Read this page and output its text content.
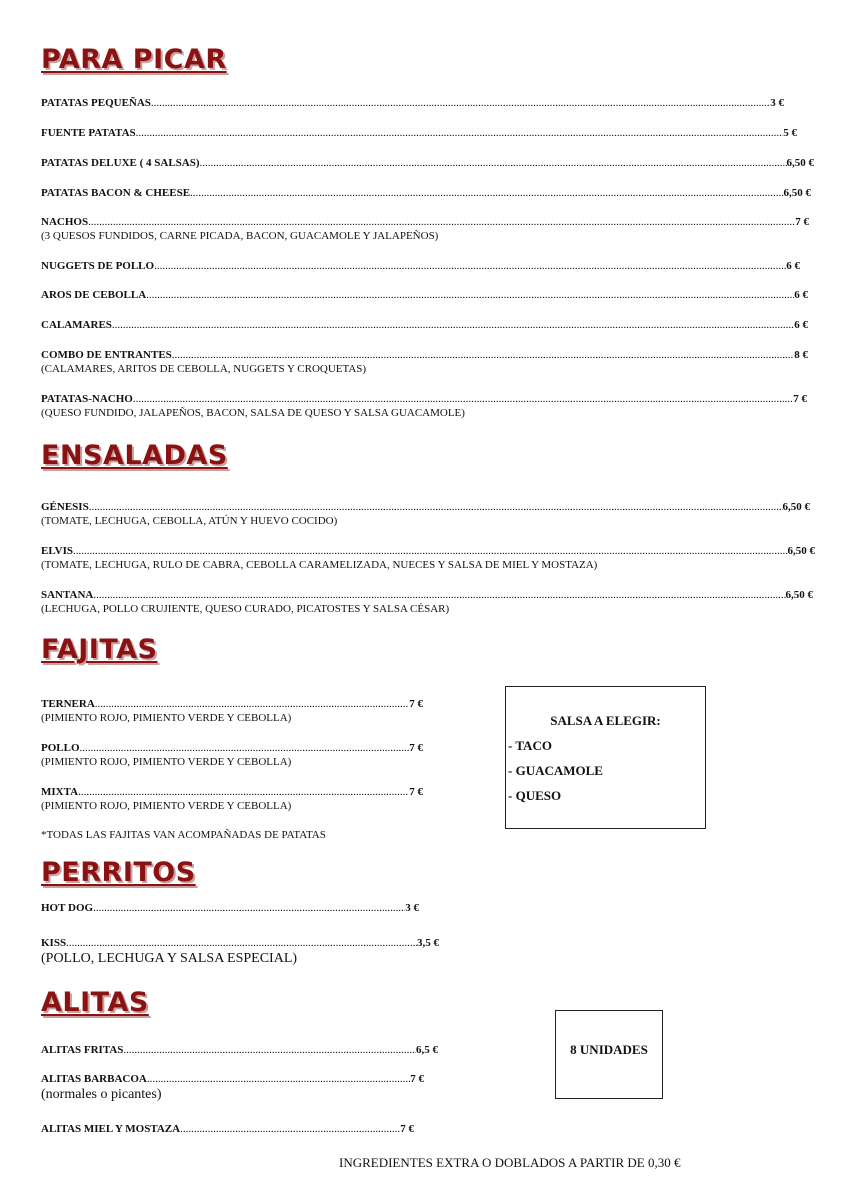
PARA PICAR
PATATAS PEQUEÑAS .....	3 €
FUENTE PATATAS .....	5 €
PATATAS DELUXE ( 4 SALSAS) .....	6,50 €
PATATAS BACON & CHEESE .....	6,50 €
NACHOS .....	7 €
(3 QUESOS FUNDIDOS, CARNE PICADA, BACON, GUACAMOLE Y JALAPEÑOS)
NUGGETS DE POLLO .....	6 €
AROS DE CEBOLLA .....	6 €
CALAMARES .....	6 €
COMBO DE ENTRANTES .....	8 €
(CALAMARES, ARITOS DE CEBOLLA, NUGGETS Y CROQUETAS)
PATATAS-NACHO .....	7 €
(QUESO FUNDIDO, JALAPEÑOS, BACON, SALSA DE QUESO Y SALSA GUACAMOLE)
ENSALADAS
GÉNESIS .....	6,50 €
(TOMATE, LECHUGA, CEBOLLA, ATÚN Y HUEVO COCIDO)
ELVIS .....	6,50 €
(TOMATE, LECHUGA, RULO DE CABRA, CEBOLLA CARAMELIZADA, NUECES Y SALSA DE MIEL Y MOSTAZA)
SANTANA .....	6,50 €
(LECHUGA, POLLO CRUJIENTE, QUESO CURADO, PICATOSTES Y SALSA CÉSAR)
FAJITAS
TERNERA .....	7 €
(PIMIENTO ROJO, PIMIENTO VERDE Y CEBOLLA)
POLLO .....	7 €
(PIMIENTO ROJO, PIMIENTO VERDE Y CEBOLLA)
MIXTA .....	7 €
(PIMIENTO ROJO, PIMIENTO VERDE Y CEBOLLA)
*TODAS LAS FAJITAS VAN ACOMPAÑADAS DE PATATAS
SALSA A ELEGIR:
- TACO
- GUACAMOLE
- QUESO
PERRITOS
HOT DOG .....	3 €
KISS .....	3,5 €
(POLLO, LECHUGA Y SALSA ESPECIAL)
ALITAS
ALITAS FRITAS .....	6,5 €
ALITAS BARBACOA .....	7 €
(normales o picantes)
ALITAS MIEL Y MOSTAZA .....	7 €
8 UNIDADES
INGREDIENTES EXTRA O DOBLADOS A PARTIR DE 0,30 €
